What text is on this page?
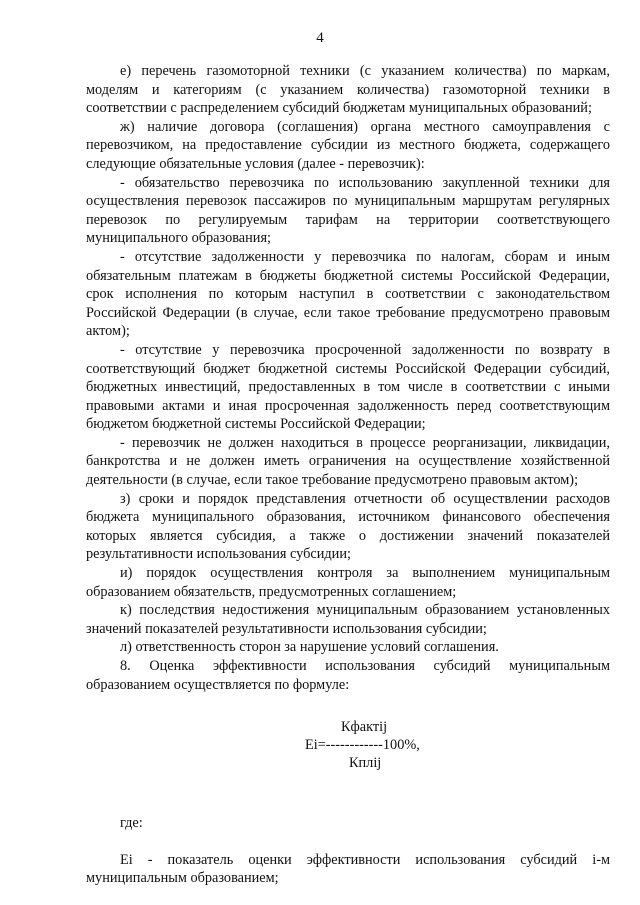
4

е) перечень газомоторной техники (с указанием количества) по маркам, моделям и категориям (с указанием количества) газомоторной техники в соответствии с распределением субсидий бюджетам муниципальных образований;

ж) наличие договора (соглашения) органа местного самоуправления с перевозчиком, на предоставление субсидии из местного бюджета, содержащего следующие обязательные условия (далее - перевозчик):

- обязательство перевозчика по использованию закупленной техники для осуществления перевозок пассажиров по муниципальным маршрутам регулярных перевозок по регулируемым тарифам на территории соответствующего муниципального образования;

- отсутствие задолженности у перевозчика по налогам, сборам и иным обязательным платежам в бюджеты бюджетной системы Российской Федерации, срок исполнения по которым наступил в соответствии с законодательством Российской Федерации (в случае, если такое требование предусмотрено правовым актом);

- отсутствие у перевозчика просроченной задолженности по возврату в соответствующий бюджет бюджетной системы Российской Федерации субсидий, бюджетных инвестиций, предоставленных в том числе в соответствии с иными правовыми актами и иная просроченная задолженность перед соответствующим бюджетом бюджетной системы Российской Федерации;

- перевозчик не должен находиться в процессе реорганизации, ликвидации, банкротства и не должен иметь ограничения на осуществление хозяйственной деятельности (в случае, если такое требование предусмотрено правовым актом);

з) сроки и порядок представления отчетности об осуществлении расходов бюджета муниципального образования, источником финансового обеспечения которых является субсидия, а также о достижении значений показателей результативности использования субсидии;

и) порядок осуществления контроля за выполнением муниципальным образованием обязательств, предусмотренных соглашением;

к) последствия недостижения муниципальным образованием установленных значений показателей результативности использования субсидии;

л) ответственность сторон за нарушение условий соглашения.

8. Оценка эффективности использования субсидий муниципальным образованием осуществляется по формуле:

Кфактij
Ei=------------100%,
Кплij

где:

Ei - показатель оценки эффективности использования субсидий i-м муниципальным образованием;
